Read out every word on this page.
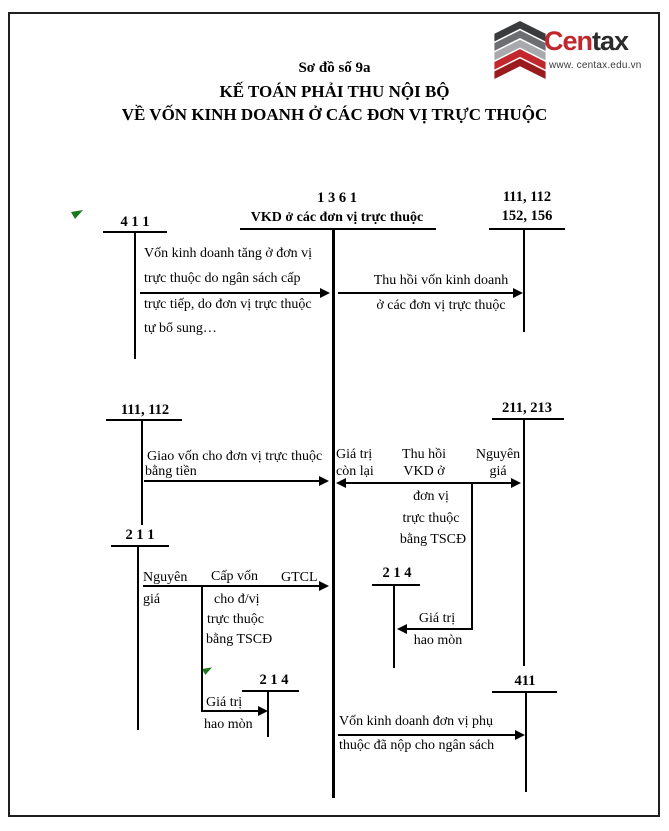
Centax
www. centax.edu.vn
Sơ đồ số 9a
KẾ TOÁN PHẢI THU NỘI BỘ
VỀ VỐN KINH DOANH Ở CÁC ĐƠN VỊ TRỰC THUỘC
1 3 6 1
VKD ở các đơn vị trực thuộc
4 1 1
111, 112
152, 156
Vốn kinh doanh tăng ở đơn vị
trực thuộc do ngân sách cấp
trực tiếp, do đơn vị trực thuộc
tự bổ sung…
Thu hồi vốn kinh doanh
ở các đơn vị trực thuộc
111, 112	211, 213
Giao vốn cho đơn vị trực thuộc
bằng tiền
Giá trị
còn lại
Thu hồi
VKD ở
Nguyên
giá
đơn vị
trực thuộc
bằng TSCĐ
2 1 4
Giá trị
hao mòn
2 1 1
Nguyên Cấp vốn GTCL
giá	cho đ/vị
trực thuộc
bằng TSCĐ
Giá trị
hao mòn
2 1 4	411
Vốn kinh doanh đơn vị phụ
thuộc đã nộp cho ngân sách
